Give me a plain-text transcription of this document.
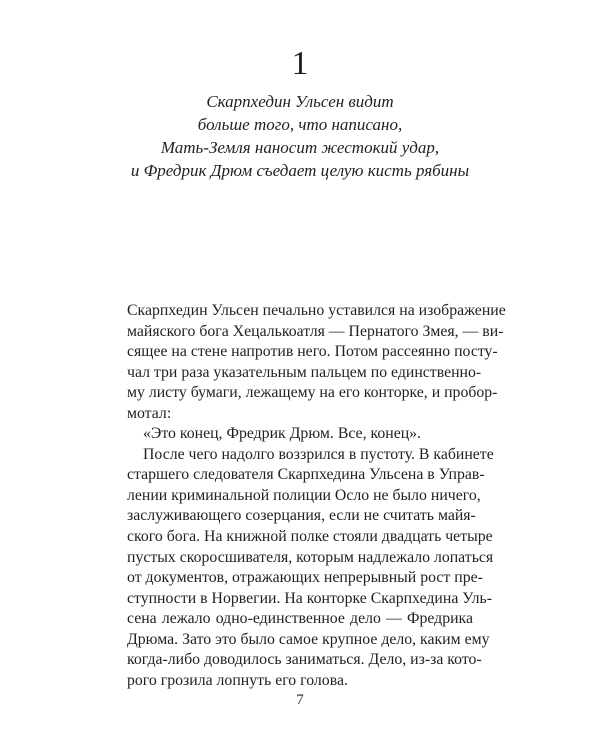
1
Скарпхедин Ульсен видит
больше того, что написано,
Мать-Земля наносит жестокий удар,
и Фредрик Дрюм съедает целую кисть рябины
Скарпхедин Ульсен печально уставился на изображение
майяского бога Хецалькоатля — Пернатого Змея, — ви-
сящее на стене напротив него. Потом рассеянно посту-
чал три раза указательным пальцем по единственно-
му листу бумаги, лежащему на его конторке, и пробор-
мотал:
«Это конец, Фредрик Дрюм. Все, конец».
После чего надолго воззрился в пустоту. В кабинете
старшего следователя Скарпхедина Ульсена в Управ-
лении криминальной полиции Осло не было ничего,
заслуживающего созерцания, если не считать майя-
ского бога. На книжной полке стояли двадцать четыре
пустых скоросшивателя, которым надлежало лопаться
от документов, отражающих непрерывный рост пре-
ступности в Норвегии. На конторке Скарпхедина Уль-
сена лежало одно-единственное дело — Фредрика
Дрюма. Зато это было самое крупное дело, каким ему
когда-либо доводилось заниматься. Дело, из-за кото-
рого грозила лопнуть его голова.
7
